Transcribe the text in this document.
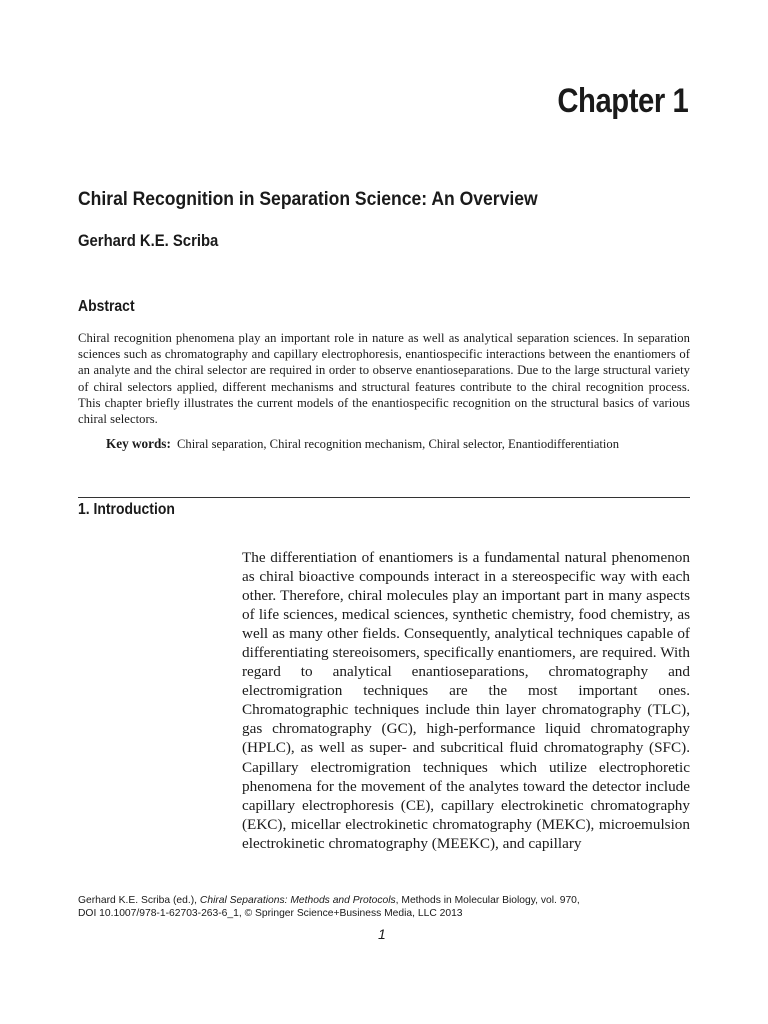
Chapter 1
Chiral Recognition in Separation Science: An Overview
Gerhard K.E. Scriba
Abstract
Chiral recognition phenomena play an important role in nature as well as analytical separation sciences. In separation sciences such as chromatography and capillary electrophoresis, enantiospecific interactions between the enantiomers of an analyte and the chiral selector are required in order to observe enantioseparations. Due to the large structural variety of chiral selectors applied, different mechanisms and structural features contribute to the chiral recognition process. This chapter briefly illustrates the current models of the enantiospecific recognition on the structural basics of various chiral selectors.
Key words: Chiral separation, Chiral recognition mechanism, Chiral selector, Enantiodifferentiation
1. Introduction
The differentiation of enantiomers is a fundamental natural phenomenon as chiral bioactive compounds interact in a stereospecific way with each other. Therefore, chiral molecules play an important part in many aspects of life sciences, medical sciences, synthetic chemistry, food chemistry, as well as many other fields. Consequently, analytical techniques capable of differentiating stereoisomers, specifically enantiomers, are required. With regard to analytical enantioseparations, chromatography and electromigration techniques are the most important ones. Chromatographic techniques include thin layer chromatography (TLC), gas chromatography (GC), high-performance liquid chromatography (HPLC), as well as super- and subcritical fluid chromatography (SFC). Capillary electromigration techniques which utilize electrophoretic phenomena for the movement of the analytes toward the detector include capillary electrophoresis (CE), capillary electrokinetic chromatography (EKC), micellar electrokinetic chromatography (MEKC), microemulsion electrokinetic chromatography (MEEKC), and capillary
Gerhard K.E. Scriba (ed.), Chiral Separations: Methods and Protocols, Methods in Molecular Biology, vol. 970,
DOI 10.1007/978-1-62703-263-6_1, © Springer Science+Business Media, LLC 2013
1
